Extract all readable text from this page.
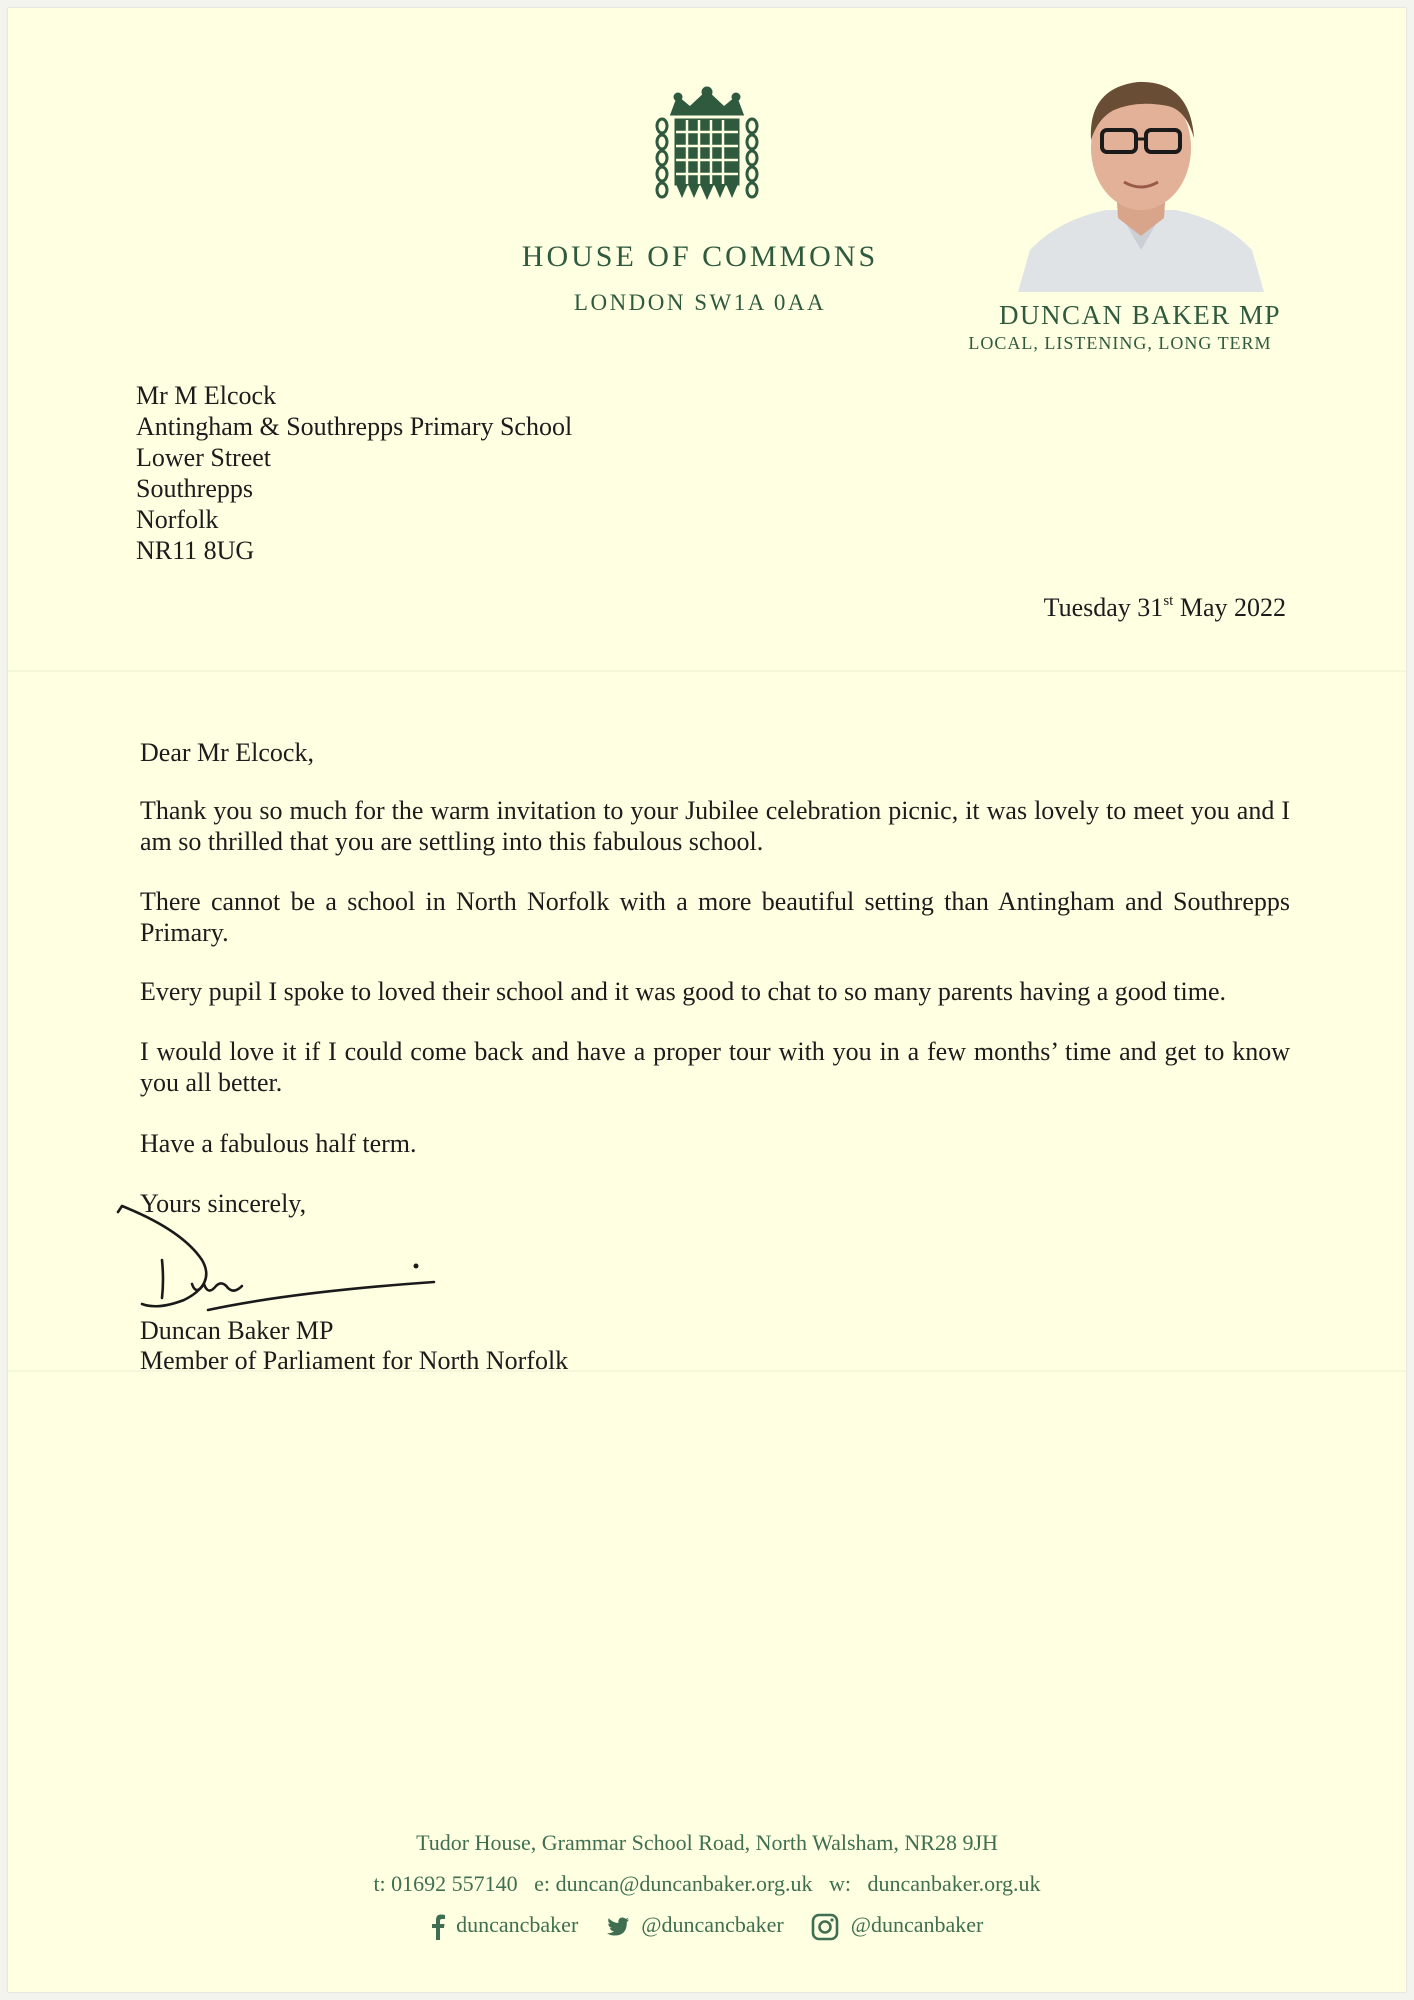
HOUSE OF COMMONS
LONDON SW1A 0AA	DUNCAN BAKER MP
LOCAL, LISTENING, LONG TERM
Mr M Elcock
Antingham & Southrepps Primary School
Lower Street
Southrepps
Norfolk
NR11 8UG
Tuesday 31st May 2022
Dear Mr Elcock,
Thank you so much for the warm invitation to your Jubilee celebration picnic, it was lovely to meet you and I am so thrilled that you are settling into this fabulous school.
There cannot be a school in North Norfolk with a more beautiful setting than Antingham and Southrepps Primary.
Every pupil I spoke to loved their school and it was good to chat to so many parents having a good time.
I would love it if I could come back and have a proper tour with you in a few months’ time and get to know you all better.
Have a fabulous half term.
Yours sincerely,
Duncan Baker MP
Member of Parliament for North Norfolk
Tudor House, Grammar School Road, North Walsham, NR28 9JH
t: 01692 557140 e: duncan@duncanbaker.org.uk w: duncanbaker.org.uk
duncancbaker	@duncancbaker	@duncanbaker
